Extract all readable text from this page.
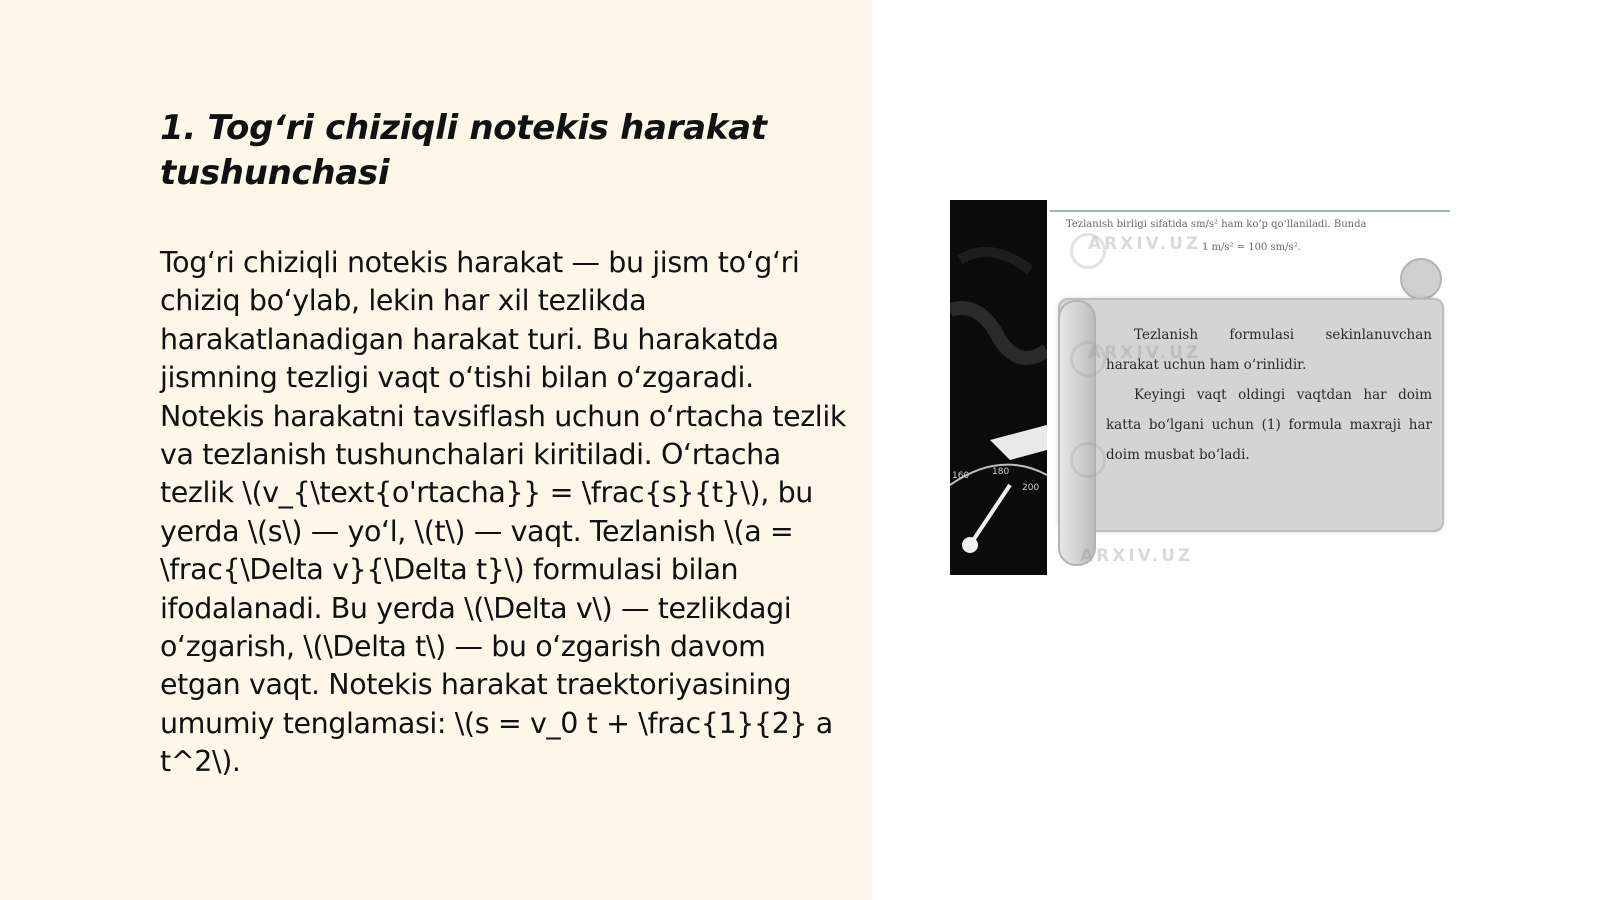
1. Tog‘ri chiziqli notekis harakat tushunchasi

Tog‘ri chiziqli notekis harakat — bu jism to‘g‘ri chiziq bo‘ylab, lekin har xil tezlikda harakatlanadigan harakat turi. Bu harakatda jismning tezligi vaqt o‘tishi bilan o‘zgaradi. Notekis harakatni tavsiflash uchun o‘rtacha tezlik va tezlanish tushunchalari kiritiladi. O‘rtacha tezlik \(v_{\text{o'rtacha}} = \frac{s}{t}\), bu yerda \(s\) — yo‘l, \(t\) — vaqt. Tezlanish \(a = \frac{\Delta v}{\Delta t}\) formulasi bilan ifodalanadi. Bu yerda \(\Delta v\) — tezlikdagi o‘zgarish, \(\Delta t\) — bu o‘zgarish davom etgan vaqt. Notekis harakat traektoriyasining umumiy tenglamasi: \(s = v_0 t + \frac{1}{2} a t^2\).

160	180
200
Tezlanish birligi sifatida sm/s² ham ko‘p qo‘llaniladi. Bunda
1 m/s² = 100 sm/s².

Tezlanish formulasi sekinlanuvchan harakat uchun ham o‘rinlidir.

Keyingi vaqt oldingi vaqtdan har doim katta bo‘lgani uchun (1) formula maxraji har doim musbat bo‘ladi.

ARXIV.UZ
ARXIV.UZ
ARXIV.UZ
